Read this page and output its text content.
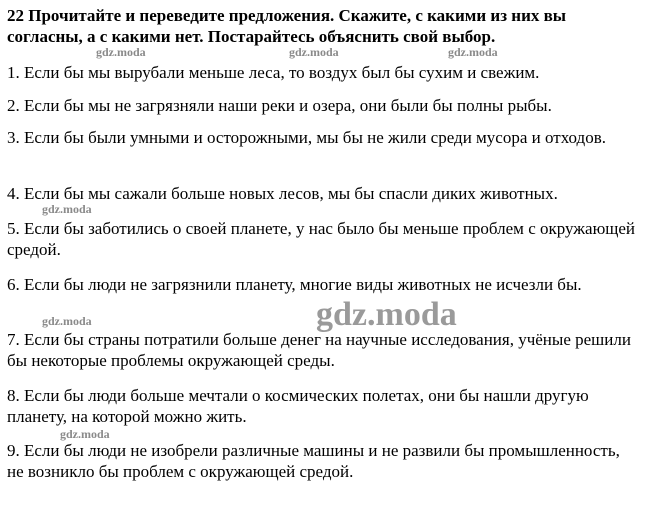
22 Прочитайте и переведите предложения. Скажите, с какими из них вы согласны, а с какими нет. Постарайтесь объяснить свой выбор.
1. Если бы мы вырубали меньше леса, то воздух был бы сухим и свежим.
2. Если бы мы не загрязняли наши реки и озера, они были бы полны рыбы.
3. Если бы были умными и осторожными, мы бы не жили среди мусора и отходов.
4. Если бы мы сажали больше новых лесов, мы бы спасли диких животных.
5. Если бы заботились о своей планете, у нас было бы меньше проблем с окружающей средой.
6. Если бы люди не загрязнили планету, многие виды животных не исчезли бы.
7. Если бы страны потратили больше денег на научные исследования, учёные решили бы некоторые проблемы окружающей среды.
8. Если бы люди больше мечтали о космических полетах, они бы нашли другую планету, на которой можно жить.
9. Если бы люди не изобрели различные машины и не развили бы промышленность, не возникло бы проблем с окружающей средой.
gdz.moda	gdz.moda	gdz.moda
gdz.moda
gdz.moda
gdz.moda
gdz.moda
